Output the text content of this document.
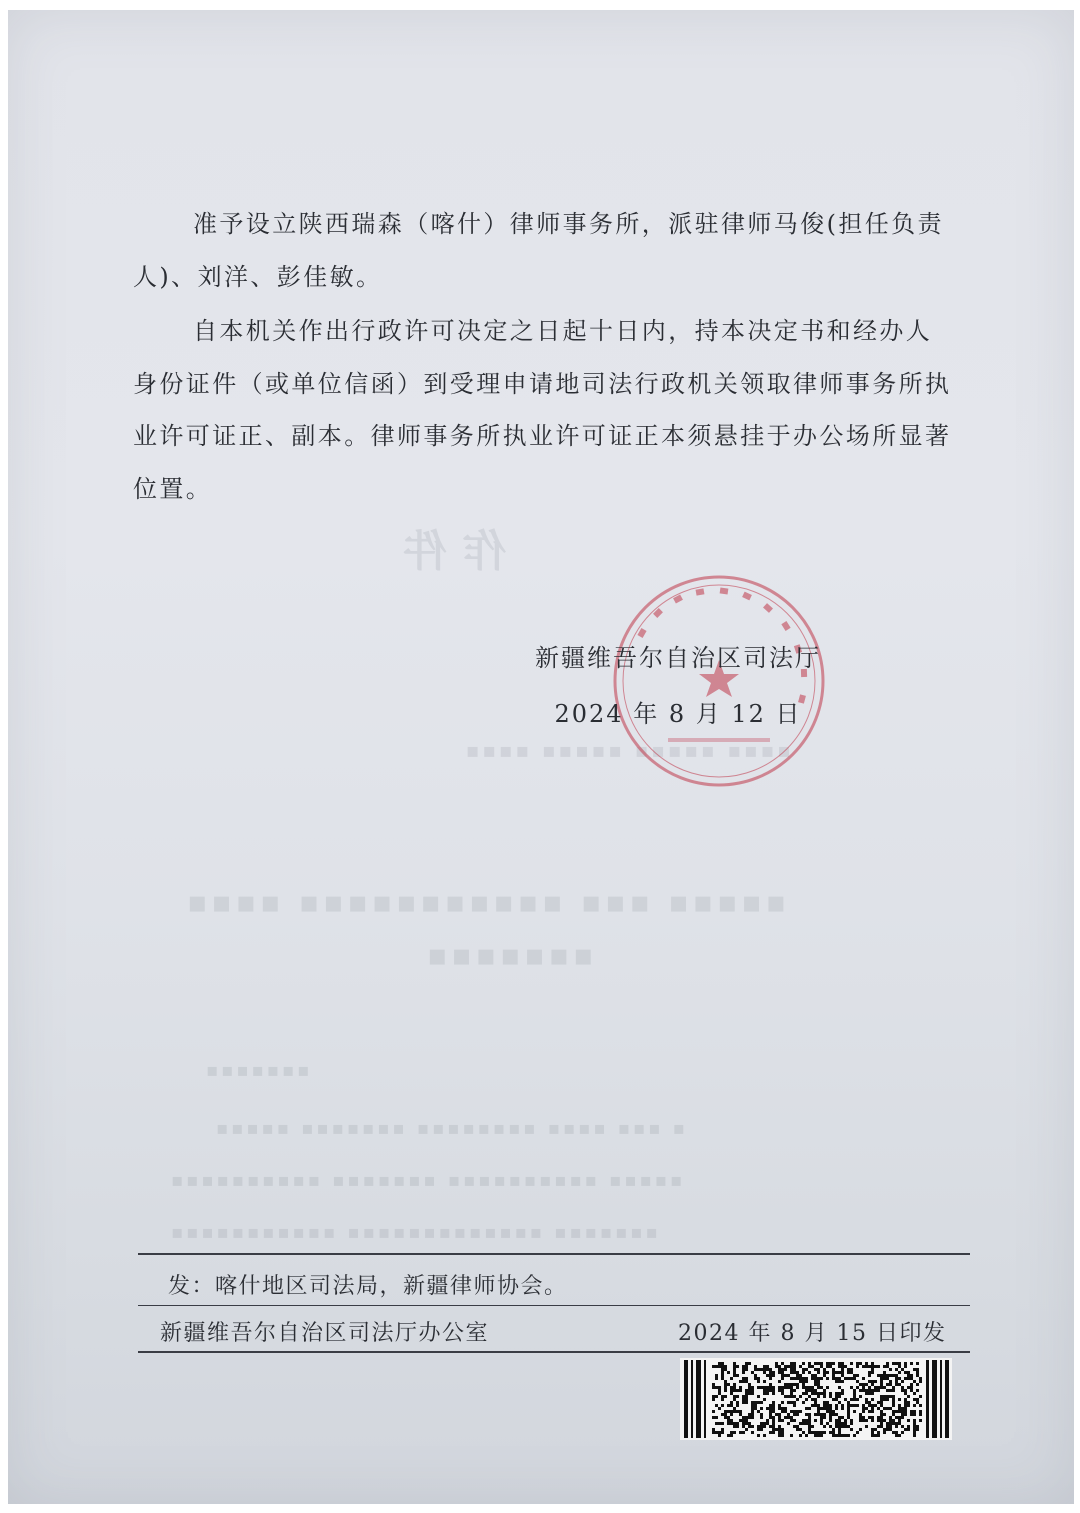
作 件
▪▪▪▪ ▪▪▪▪▪ ▪▪▪▪▪ ▪▪▪▪
▪▪▪▪▪ ▪▪▪ ▪▪▪▪▪▪▪▪▪▪▪ ▪▪▪▪
▪▪▪▪▪▪▪
▪▪▪▪▪▪▪
▪ ▪▪▪ ▪▪▪▪ ▪▪▪▪▪▪▪▪ ▪▪▪▪▪▪▪ ▪▪▪▪▪
▪▪▪▪▪ ▪▪▪▪▪▪▪▪▪▪ ▪▪▪▪▪▪▪ ▪▪▪▪▪▪▪▪▪▪
▪▪▪▪▪▪▪ ▪▪▪▪▪▪▪▪▪▪▪▪▪ ▪▪▪▪▪▪▪▪▪▪▪

准予设立陕西瑞森（喀什）律师事务所，派驻律师马俊(担任负责人)、刘洋、彭佳敏。

自本机关作出行政许可决定之日起十日内，持本决定书和经办人身份证件（或单位信函）到受理申请地司法行政机关领取律师事务所执业许可证正、副本。律师事务所执业许可证正本须悬挂于办公场所显著位置。

新疆维吾尔自治区司法厅
2024 年 8 月 12 日
发：喀什地区司法局，新疆律师协会。
新疆维吾尔自治区司法厅办公室	2024 年 8 月 15 日印发
